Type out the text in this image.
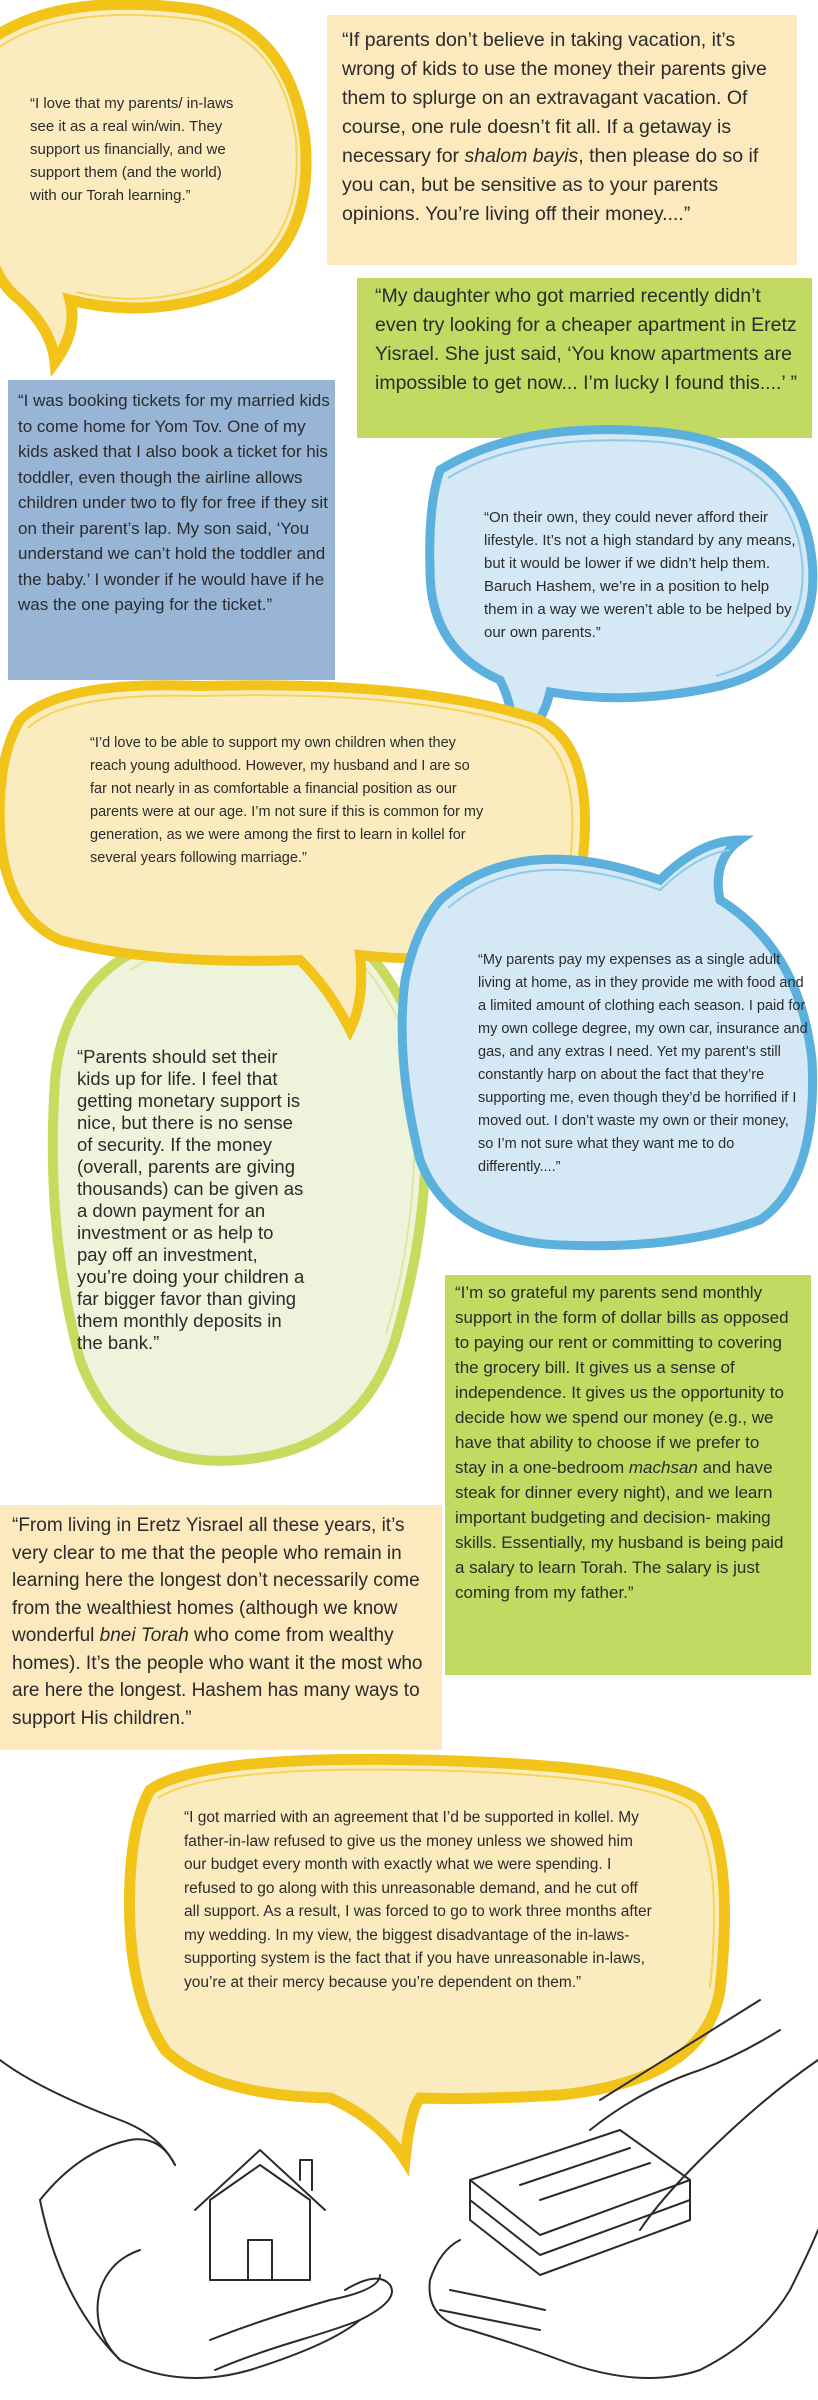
“I love that my parents/ in-laws see it as a real win/win. They support us financially, and we support them (and the world) with our Torah learning.”

“If parents don’t believe in taking vacation, it’s wrong of kids to use the money their parents give them to splurge on an extravagant vacation. Of course, one rule doesn’t fit all. If a getaway is necessary for shalom bayis, then please do so if you can, but be sensitive as to your parents opinions. You’re living off their money....”

“My daughter who got married recently didn’t even try looking for a cheaper apartment in Eretz Yisrael. She just said, ‘You know apartments are impossible to get now... I’m lucky I found this....’ ”

“I was booking tickets for my married kids to come home for Yom Tov. One of my kids asked that I also book a ticket for his toddler, even though the airline allows children under two to fly for free if they sit on their parent’s lap. My son said, ‘You understand we can’t hold the toddler and the baby.’ I wonder if he would have if he was the one paying for the ticket.”

“On their own, they could never afford their lifestyle. It’s not a high standard by any means, but it would be lower if we didn’t help them. Baruch Hashem, we’re in a position to help them in a way we weren’t able to be helped by our own parents.”

“I’d love to be able to support my own children when they reach young adulthood. However, my husband and I are so far not nearly in as comfortable a financial position as our parents were at our age. I’m not sure if this is common for my generation, as we were among the first to learn in kollel for several years following marriage.”

“My parents pay my expenses as a single adult living at home, as in they provide me with food and a limited amount of clothing each season. I paid for my own college degree, my own car, insurance and gas, and any extras I need. Yet my parent’s still constantly harp on about the fact that they’re supporting me, even though they’d be horrified if I moved out. I don’t waste my own or their money, so I’m not sure what they want me to do differently....”

“Parents should set their kids up for life. I feel that getting monetary support is nice, but there is no sense of security. If the money (overall, parents are giving thousands) can be given as a down payment for an investment or as help to pay off an investment, you’re doing your children a far bigger favor than giving them monthly deposits in the bank.”

“I’m so grateful my parents send monthly support in the form of dollar bills as opposed to paying our rent or committing to covering the grocery bill. It gives us a sense of independence. It gives us the opportunity to decide how we spend our money (e.g., we have that ability to choose if we prefer to stay in a one-bedroom machsan and have steak for dinner every night), and we learn important budgeting and decision- making skills. Essentially, my husband is being paid a salary to learn Torah. The salary is just coming from my father.”

“From living in Eretz Yisrael all these years, it’s very clear to me that the people who remain in learning here the longest don’t necessarily come from the wealthiest homes (although we know wonderful bnei Torah who come from wealthy homes). It’s the people who want it the most who are here the longest. Hashem has many ways to support His children.”

“I got married with an agreement that I’d be supported in kollel. My father-in-law refused to give us the money unless we showed him our budget every month with exactly what we were spending. I refused to go along with this unreasonable demand, and he cut off all support. As a result, I was forced to go to work three months after my wedding. In my view, the biggest disadvantage of the in-laws-supporting system is the fact that if you have unreasonable in-laws, you’re at their mercy because you’re dependent on them.”
